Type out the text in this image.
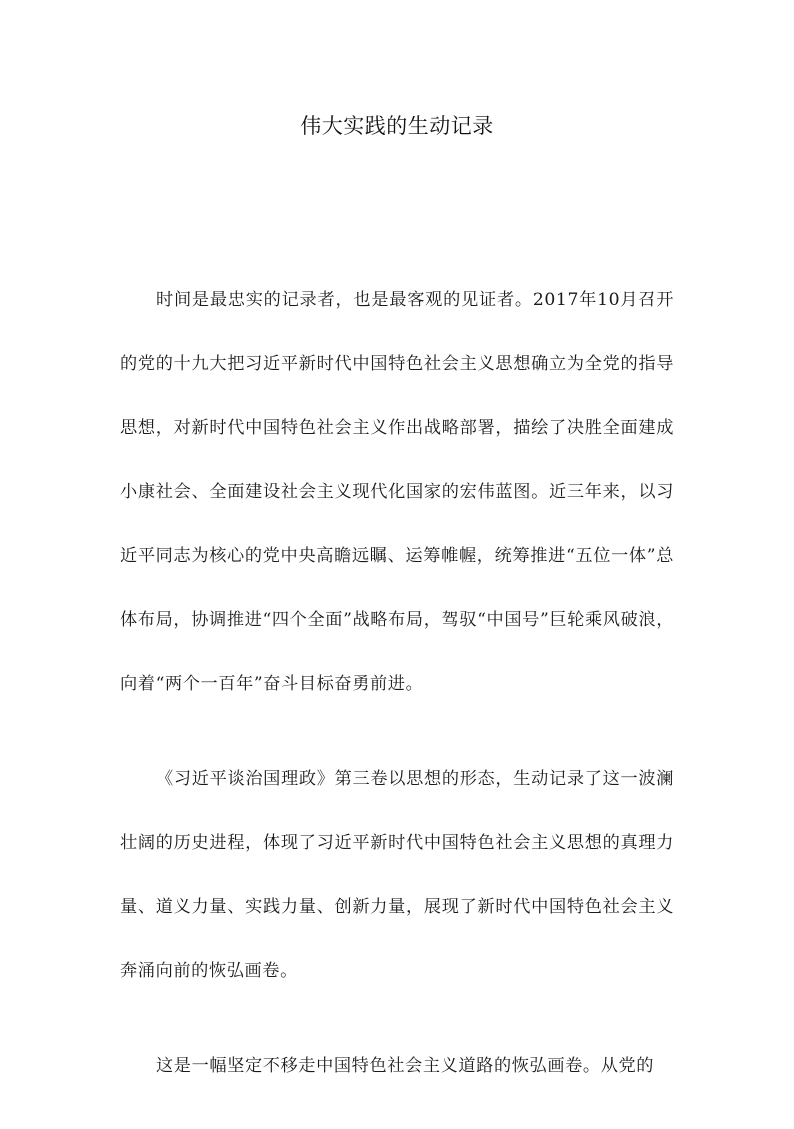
伟大实践的生动记录

时间是最忠实的记录者，也是最客观的见证者。2017年10月召开的党的十九大把习近平新时代中国特色社会主义思想确立为全党的指导思想，对新时代中国特色社会主义作出战略部署，描绘了决胜全面建成小康社会、全面建设社会主义现代化国家的宏伟蓝图。近三年来，以习近平同志为核心的党中央高瞻远瞩、运筹帷幄，统筹推进“五位一体”总体布局，协调推进“四个全面”战略布局，驾驭“中国号”巨轮乘风破浪，向着“两个一百年”奋斗目标奋勇前进。

《习近平谈治国理政》第三卷以思想的形态，生动记录了这一波澜壮阔的历史进程，体现了习近平新时代中国特色社会主义思想的真理力量、道义力量、实践力量、创新力量，展现了新时代中国特色社会主义奔涌向前的恢弘画卷。

这是一幅坚定不移走中国特色社会主义道路的恢弘画卷。从党的
